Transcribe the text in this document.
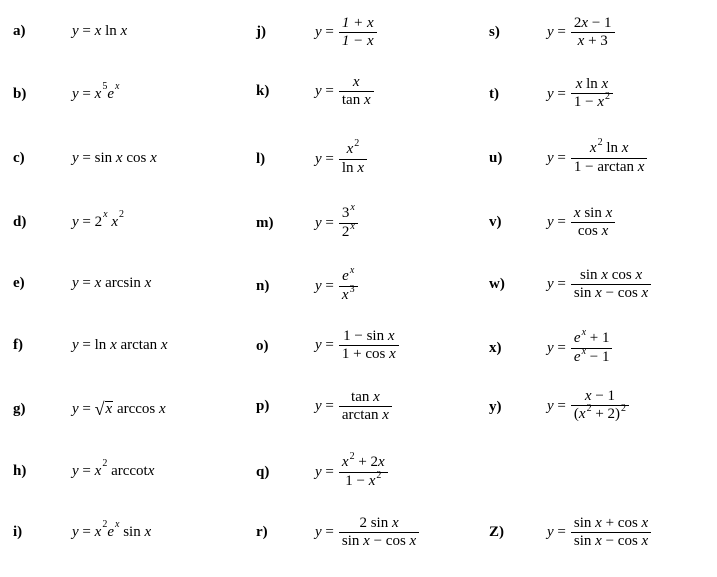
a)	y
=
x
ln
x
b)	y
=
x 5 e x
c)	y
=
sin
x
cos
x
d)	y
=
2 x
x 2
e)	y
=
x
arcsin
x
f)	y
=
ln
x
arctan
x
g)	y
=
√ x
arccos
x
h)	y
=
x 2
arccot x
i)	y
=
x 2 e x
sin
x
j)	y
= $\frac{1 + x}{1 - x}$
k)	y
= $\frac{x}{\text{tan x}}$
l)	y
= $\frac{x^2}{\text{ln x}}$
m)	y
= $\frac{3^x}{2^x}$
n)	y
= $\frac{e^x}{x^3}$
o)	y
= $\frac{\text{1 − sin x}}{\text{1 + cos x}}$
p)	y
= $\frac{\text{tan x}}{\text{arctan x}}$
q)	y
= $\frac{x^2 + 2x}{1 - x^2}$
r)	y
= $\frac{\text{2 sin x}}{\text{sin x − cos x}}$
s)	y
= $\frac{2x - 1}{x + 3}$
t)	y
= $\frac{\text{x ln x}}{1 - x^2}$
u)	y
= $\frac{x^2 \ln x}{\text{1 − arctan x}}$
v)	y
= $\frac{\text{x sin x}}{\text{cos x}}$
w)	y
= $\frac{\text{sin x cos x}}{\text{sin x − cos x}}$
x)	y
= $\frac{e^x + 1}{e^x - 1}$
y)	y
= $\frac{x - 1}{(x^2 + 2)^2}$
Z)	y
= $\frac{\text{sin x + cos x}}{\text{sin x − cos x}}$
